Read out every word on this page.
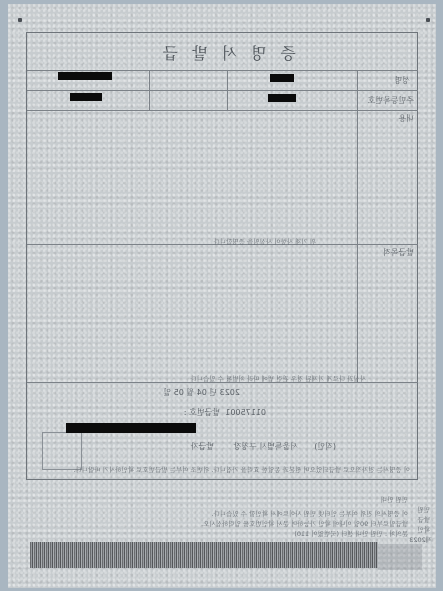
증명서발급
성명
주민등록번호
내용
위 기재 사항이 사실임을 증명합니다
발급목적
사실과 다르게 기재된 경우 관련 법에 따라 처벌될 수 있습니다
2023 년 04 월 05 일
발급번호 : 01175001
발급자 서울특별시 구청장 (직인)
이 증명서는 전자적으로 발급되었으며 원본과 동일한 효력을 가집니다. 위변조 여부는 발급번호로 확인하시기 바랍니다.
민원 안내
이 증명서의 진위 여부는 인터넷 민원 사이트에서 확인할 수 있습니다.
발급일로부터 90일 이내에 확인 가능하며 문서 확인번호를 입력하십시오.
문의처 : 민원 안내 센터 (국번없이 110)
민원
발급
확인
제2023
